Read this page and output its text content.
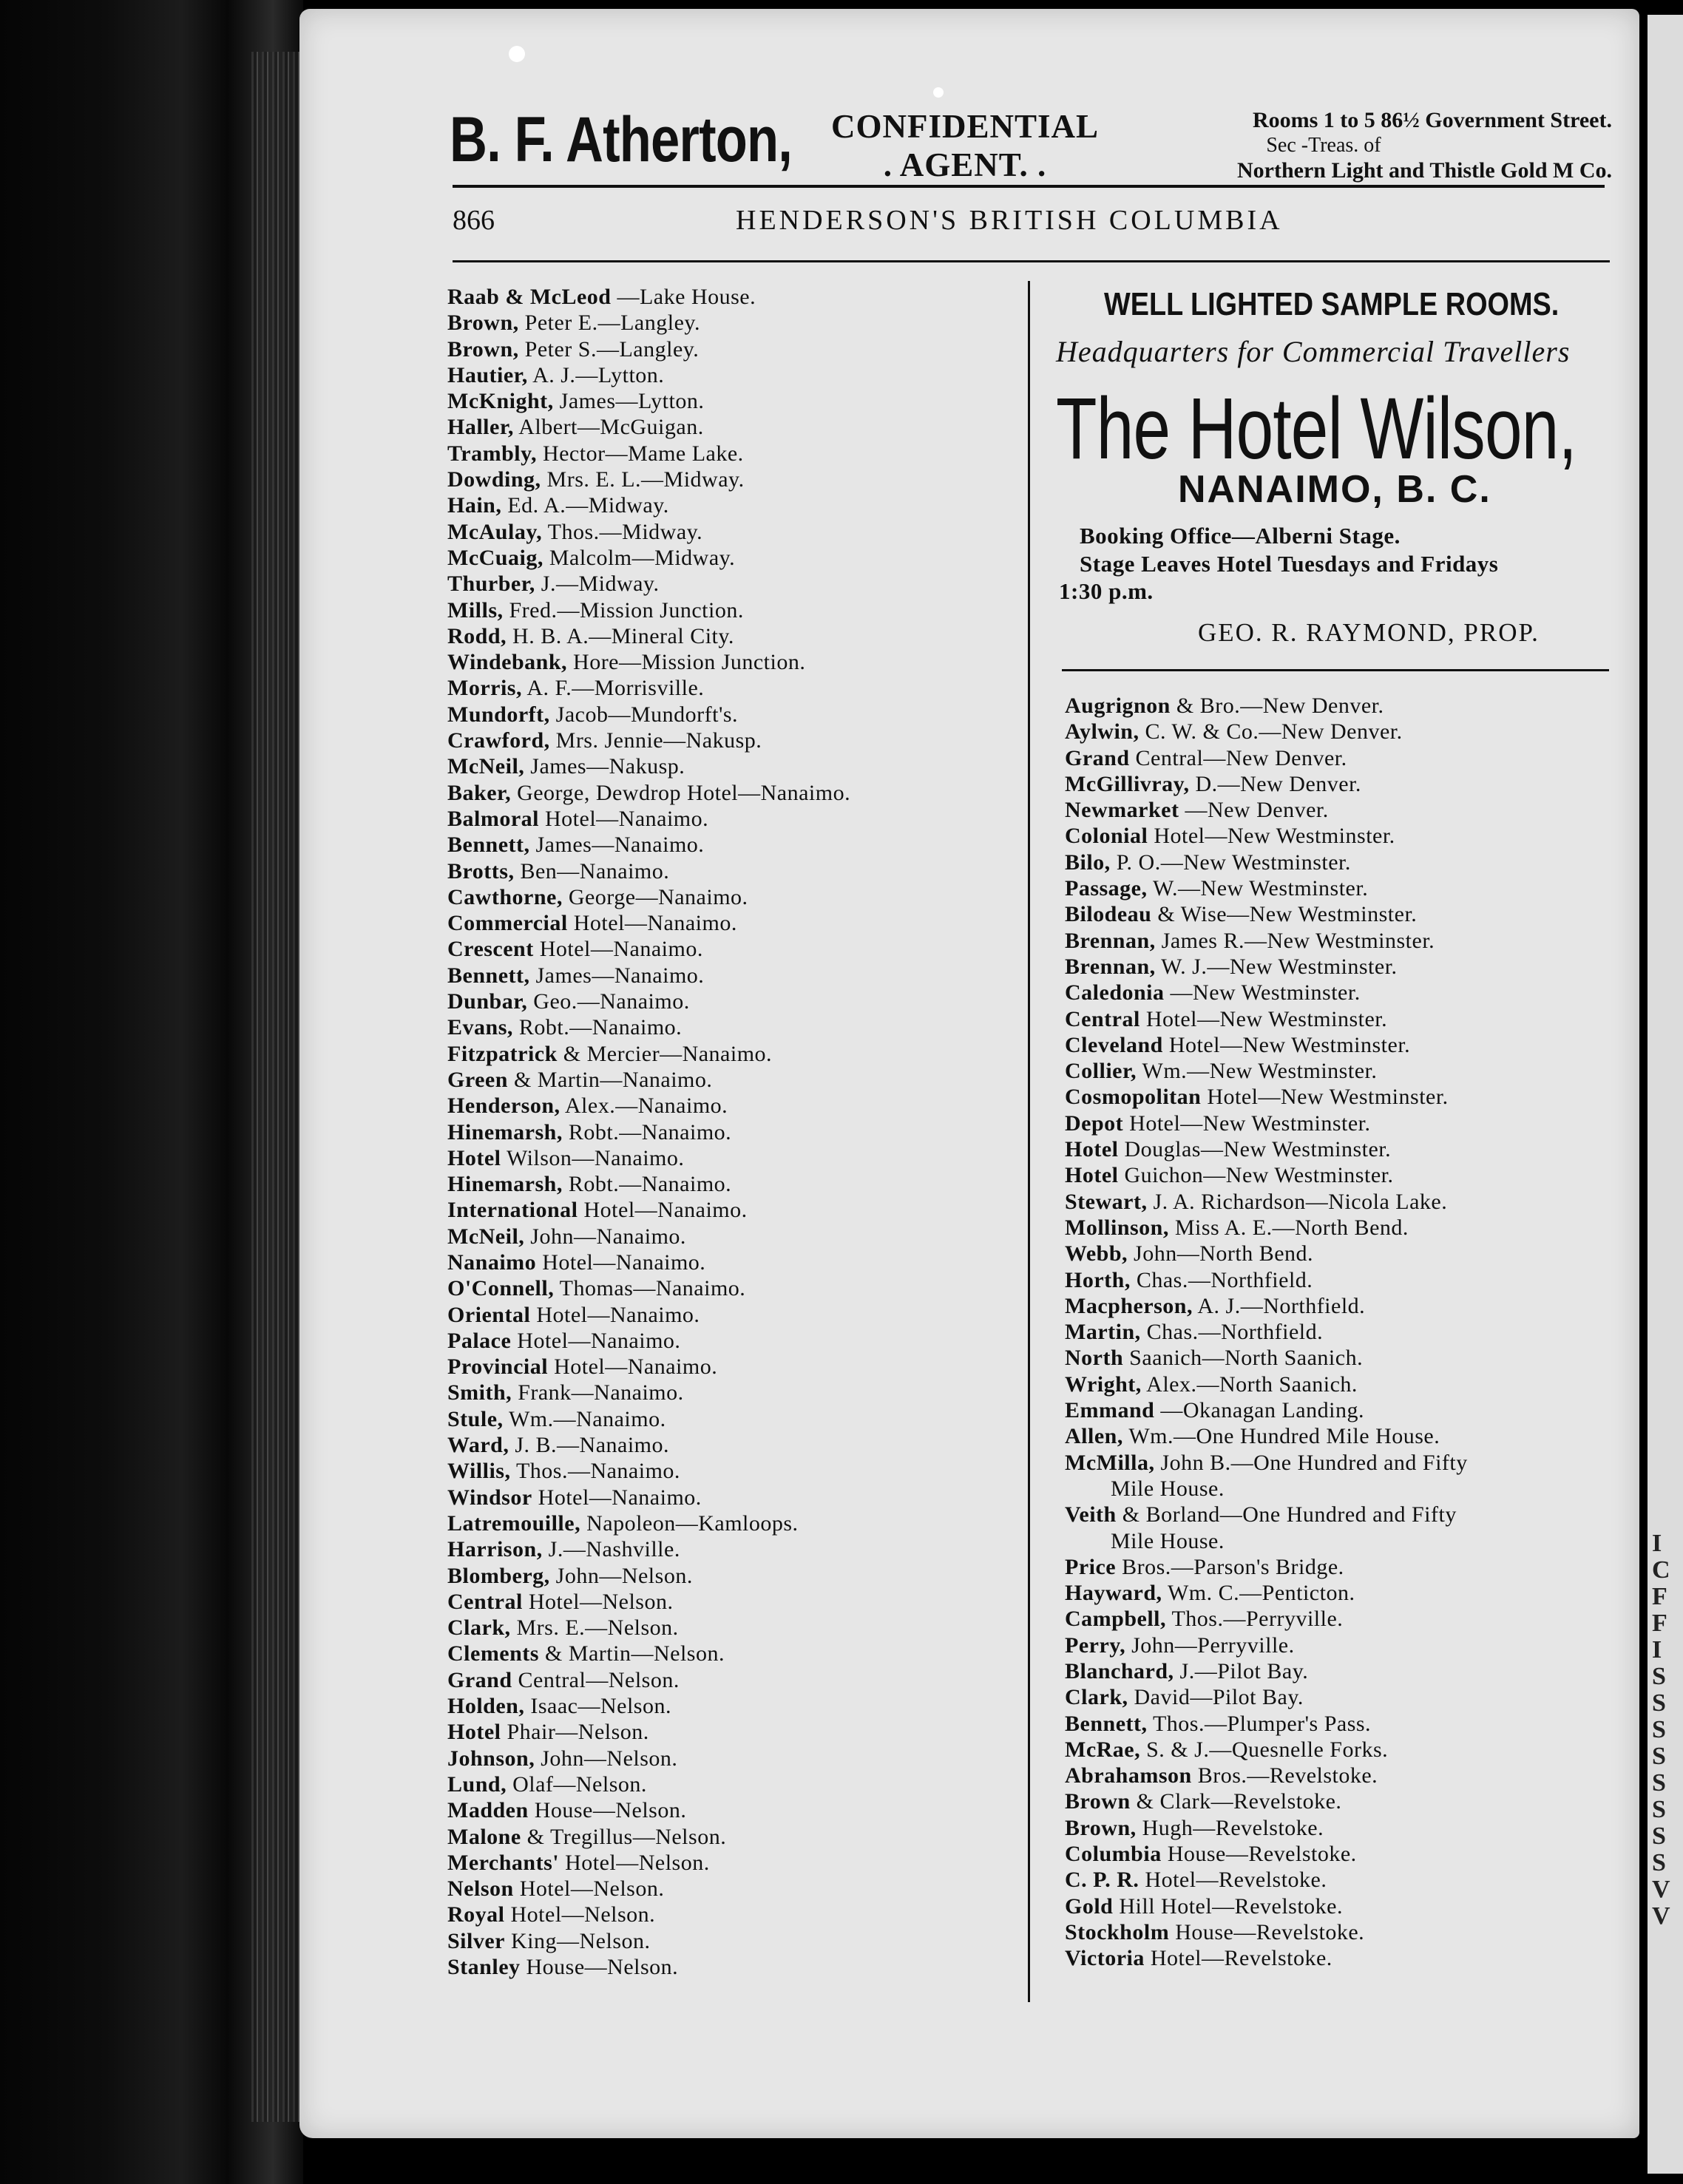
I C F F I S S S S S S S S V V
B. F. Atherton,	CONFIDENTIAL
. AGENT. .
Rooms 1 to 5 86½ Government Street.
Sec -Treas. of
Northern Light and Thistle Gold M Co.
866	HENDERSON'S BRITISH COLUMBIA
Raab & McLeod —Lake House.
Brown, Peter E.—Langley.
Brown, Peter S.—Langley.
Hautier, A. J.—Lytton.
McKnight, James—Lytton.
Haller, Albert—McGuigan.
Trambly, Hector—Mame Lake.
Dowding, Mrs. E. L.—Midway.
Hain, Ed. A.—Midway.
McAulay, Thos.—Midway.
McCuaig, Malcolm—Midway.
Thurber, J.—Midway.
Mills, Fred.—Mission Junction.
Rodd, H. B. A.—Mineral City.
Windebank, Hore—Mission Junction.
Morris, A. F.—Morrisville.
Mundorft, Jacob—Mundorft's.
Crawford, Mrs. Jennie—Nakusp.
McNeil, James—Nakusp.
Baker, George, Dewdrop Hotel—Nanaimo.
Balmoral Hotel—Nanaimo.
Bennett, James—Nanaimo.
Brotts, Ben—Nanaimo.
Cawthorne, George—Nanaimo.
Commercial Hotel—Nanaimo.
Crescent Hotel—Nanaimo.
Bennett, James—Nanaimo.
Dunbar, Geo.—Nanaimo.
Evans, Robt.—Nanaimo.
Fitzpatrick & Mercier—Nanaimo.
Green & Martin—Nanaimo.
Henderson, Alex.—Nanaimo.
Hinemarsh, Robt.—Nanaimo.
Hotel Wilson—Nanaimo.
Hinemarsh, Robt.—Nanaimo.
International Hotel—Nanaimo.
McNeil, John—Nanaimo.
Nanaimo Hotel—Nanaimo.
O'Connell, Thomas—Nanaimo.
Oriental Hotel—Nanaimo.
Palace Hotel—Nanaimo.
Provincial Hotel—Nanaimo.
Smith, Frank—Nanaimo.
Stule, Wm.—Nanaimo.
Ward, J. B.—Nanaimo.
Willis, Thos.—Nanaimo.
Windsor Hotel—Nanaimo.
Latremouille, Napoleon—Kamloops.
Harrison, J.—Nashville.
Blomberg, John—Nelson.
Central Hotel—Nelson.
Clark, Mrs. E.—Nelson.
Clements & Martin—Nelson.
Grand Central—Nelson.
Holden, Isaac—Nelson.
Hotel Phair—Nelson.
Johnson, John—Nelson.
Lund, Olaf—Nelson.
Madden House—Nelson.
Malone & Tregillus—Nelson.
Merchants' Hotel—Nelson.
Nelson Hotel—Nelson.
Royal Hotel—Nelson.
Silver King—Nelson.
Stanley House—Nelson.
WELL LIGHTED SAMPLE ROOMS.
Headquarters for Commercial Travellers
The Hotel Wilson,
NANAIMO, B. C.
Booking Office—Alberni Stage.
Stage Leaves Hotel Tuesdays and Fridays
1:30 p.m.
GEO. R. RAYMOND, PROP.
Augrignon & Bro.—New Denver.
Aylwin, C. W. & Co.—New Denver.
Grand Central—New Denver.
McGillivray, D.—New Denver.
Newmarket —New Denver.
Colonial Hotel—New Westminster.
Bilo, P. O.—New Westminster.
Passage, W.—New Westminster.
Bilodeau & Wise—New Westminster.
Brennan, James R.—New Westminster.
Brennan, W. J.—New Westminster.
Caledonia —New Westminster.
Central Hotel—New Westminster.
Cleveland Hotel—New Westminster.
Collier, Wm.—New Westminster.
Cosmopolitan Hotel—New Westminster.
Depot Hotel—New Westminster.
Hotel Douglas—New Westminster.
Hotel Guichon—New Westminster.
Stewart, J. A. Richardson—Nicola Lake.
Mollinson, Miss A. E.—North Bend.
Webb, John—North Bend.
Horth, Chas.—Northfield.
Macpherson, A. J.—Northfield.
Martin, Chas.—Northfield.
North Saanich—North Saanich.
Wright, Alex.—North Saanich.
Emmand —Okanagan Landing.
Allen, Wm.—One Hundred Mile House.
McMilla, John B.—One Hundred and Fifty
Mile House.
Veith & Borland—One Hundred and Fifty
Mile House.
Price Bros.—Parson's Bridge.
Hayward, Wm. C.—Penticton.
Campbell, Thos.—Perryville.
Perry, John—Perryville.
Blanchard, J.—Pilot Bay.
Clark, David—Pilot Bay.
Bennett, Thos.—Plumper's Pass.
McRae, S. & J.—Quesnelle Forks.
Abrahamson Bros.—Revelstoke.
Brown & Clark—Revelstoke.
Brown, Hugh—Revelstoke.
Columbia House—Revelstoke.
C. P. R. Hotel—Revelstoke.
Gold Hill Hotel—Revelstoke.
Stockholm House—Revelstoke.
Victoria Hotel—Revelstoke.
